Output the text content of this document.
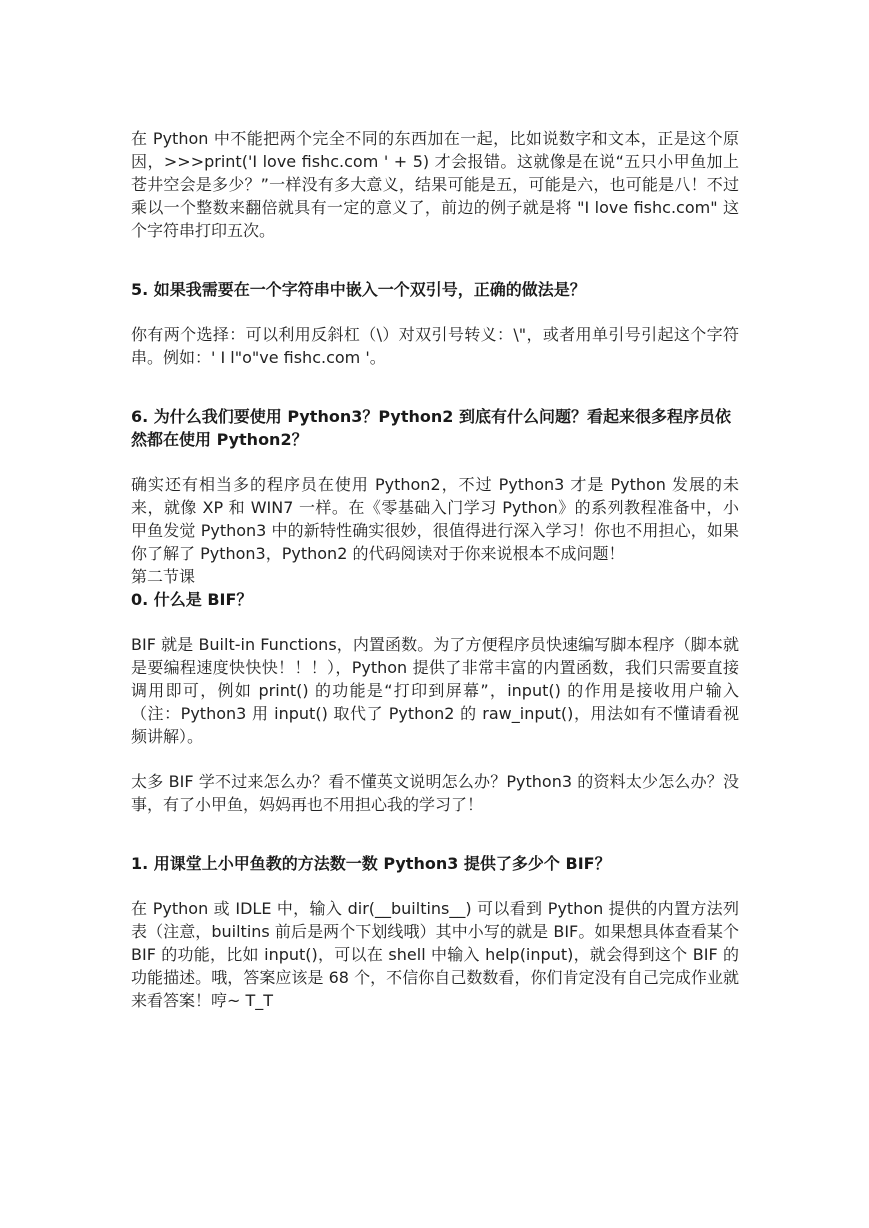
在 Python 中不能把两个完全不同的东西加在一起，比如说数字和文本，正是这个原因，>>>print('I love fishc.com ' + 5) 才会报错。这就像是在说“五只小甲鱼加上苍井空会是多少？”一样没有多大意义，结果可能是五，可能是六，也可能是八！不过乘以一个整数来翻倍就具有一定的意义了，前边的例子就是将 "I love fishc.com" 这个字符串打印五次。

5. 如果我需要在一个字符串中嵌入一个双引号，正确的做法是？

你有两个选择：可以利用反斜杠（\）对双引号转义：\"，或者用单引号引起这个字符串。例如：' I l"o"ve fishc.com '。

6. 为什么我们要使用 Python3？Python2 到底有什么问题？看起来很多程序员依然都在使用 Python2？

确实还有相当多的程序员在使用 Python2，不过 Python3 才是 Python 发展的未来，就像 XP 和 WIN7 一样。在《零基础入门学习 Python》的系列教程准备中，小甲鱼发觉 Python3 中的新特性确实很妙，很值得进行深入学习！你也不用担心，如果你了解了 Python3，Python2 的代码阅读对于你来说根本不成问题！

第二节课

0. 什么是 BIF？

BIF 就是 Built-in Functions，内置函数。为了方便程序员快速编写脚本程序（脚本就是要编程速度快快快！！！），Python 提供了非常丰富的内置函数，我们只需要直接调用即可，例如 print() 的功能是“打印到屏幕”，input() 的作用是接收用户输入（注：Python3 用 input() 取代了 Python2 的 raw_input()，用法如有不懂请看视频讲解）。

太多 BIF 学不过来怎么办？看不懂英文说明怎么办？Python3 的资料太少怎么办？没事，有了小甲鱼，妈妈再也不用担心我的学习了！

1. 用课堂上小甲鱼教的方法数一数 Python3 提供了多少个 BIF？

在 Python 或 IDLE 中，输入 dir(__builtins__) 可以看到 Python 提供的内置方法列表（注意，builtins 前后是两个下划线哦）其中小写的就是 BIF。如果想具体查看某个 BIF 的功能，比如 input()，可以在 shell 中输入 help(input)，就会得到这个 BIF 的功能描述。哦，答案应该是 68 个，不信你自己数数看，你们肯定没有自己完成作业就来看答案！哼~ T_T
